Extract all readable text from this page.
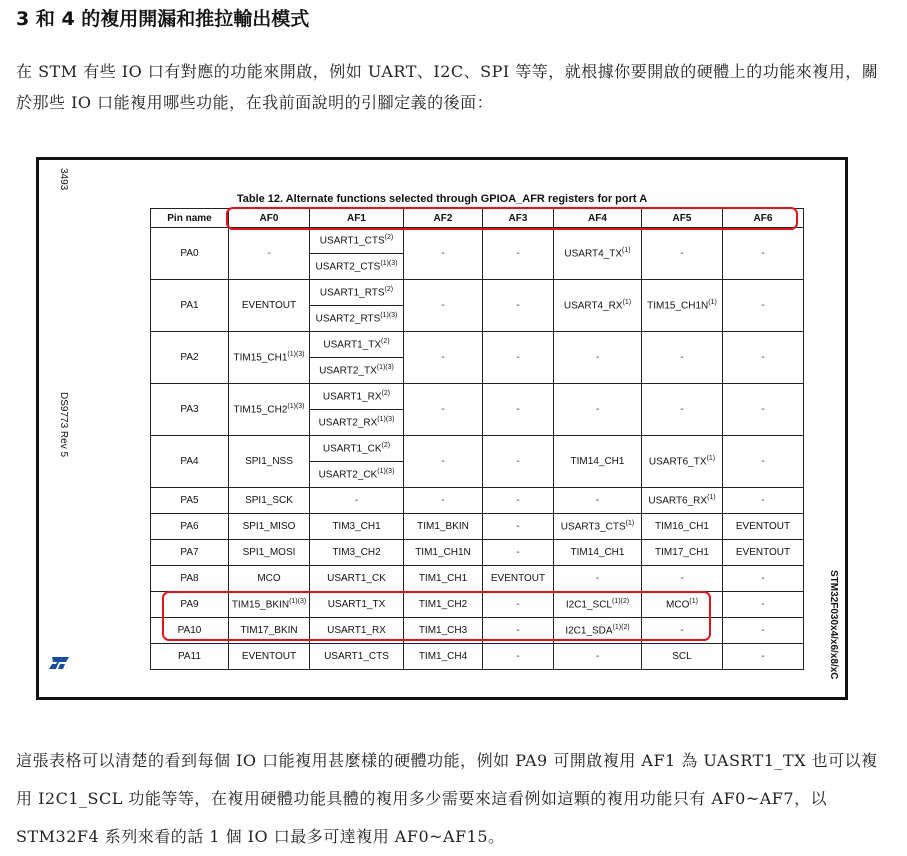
3 和 4 的複用開漏和推拉輸出模式
在 STM 有些 IO 口有對應的功能來開啟，例如 UART、I2C、SPI 等等，就根據你要開啟的硬體上的功能來複用，關於那些 IO 口能複用哪些功能，在我前面說明的引腳定義的後面：
3493
DS9773 Rev 5
STM32F030x4/x6/x8/xC
Table 12. Alternate functions selected through GPIOA_AFR registers for port A
Pin name	AF0	AF1	AF2	AF3	AF4	AF5	AF6
PA0	-	USART1_CTS$^{(2)}$	-	-	USART4_TX$^{(1)}$	-	-
		$USART2\_CTS^{(1)(3)}$
PA1	EVENTOUT	USART1_RTS$^{(2)}$	-	-	USART4_RX$^{(1)}$	$TIM15\_CH1N^{(1)}$	-
		$USART2\_RTS^{(1)(3)}$
PA2	$TIM15\_CH1^{(1)(3)}$	USART1_TX$^{(2)}$	-	-	-	-	-
		$USART2\_TX^{(1)(3)}$
PA3	$TIM15\_CH2^{(1)(3)}$	USART1_RX$^{(2)}$	-	-	-	-	-
		$USART2\_RX^{(1)(3)}$
PA4	SPI1_NSS	USART1_CK$^{(2)}$	-	-	TIM14_CH1	USART6_TX$^{(1)}$	-
		$USART2\_CK^{(1)(3)}$
PA5	SPI1_SCK	-	-	-	-	USART6_RX$^{(1)}$	-
PA6	SPI1_MISO	TIM3_CH1	TIM1_BKIN	-	USART3_CTS$^{(1)}$	TIM16_CH1	EVENTOUT
PA7	SPI1_MOSI	TIM3_CH2	TIM1_CH1N	-	TIM14_CH1	TIM17_CH1	EVENTOUT
PA8	MCO	USART1_CK	TIM1_CH1	EVENTOUT	-	-	-
PA9	$TIM15\_BKIN^{(1)(3)}$	USART1_TX	TIM1_CH2	-	$I2C1\_SCL^{(1)(2)}$	MCO$^{(1)}$	-
PA10	TIM17_BKIN	USART1_RX	TIM1_CH3	-	$I2C1\_SDA^{(1)(2)}$	-	-
PA11	EVENTOUT	USART1_CTS	TIM1_CH4	-	-	SCL	-
這張表格可以清楚的看到每個 IO 口能複用甚麼樣的硬體功能，例如 PA9 可開啟複用 AF1 為 UASRT1_TX 也可以複用 I2C1_SCL 功能等等，在複用硬體功能具體的複用多少需要來這看例如這顆的複用功能只有 AF0~AF7，以 STM32F4 系列來看的話 1 個 IO 口最多可達複用 AF0~AF15。
